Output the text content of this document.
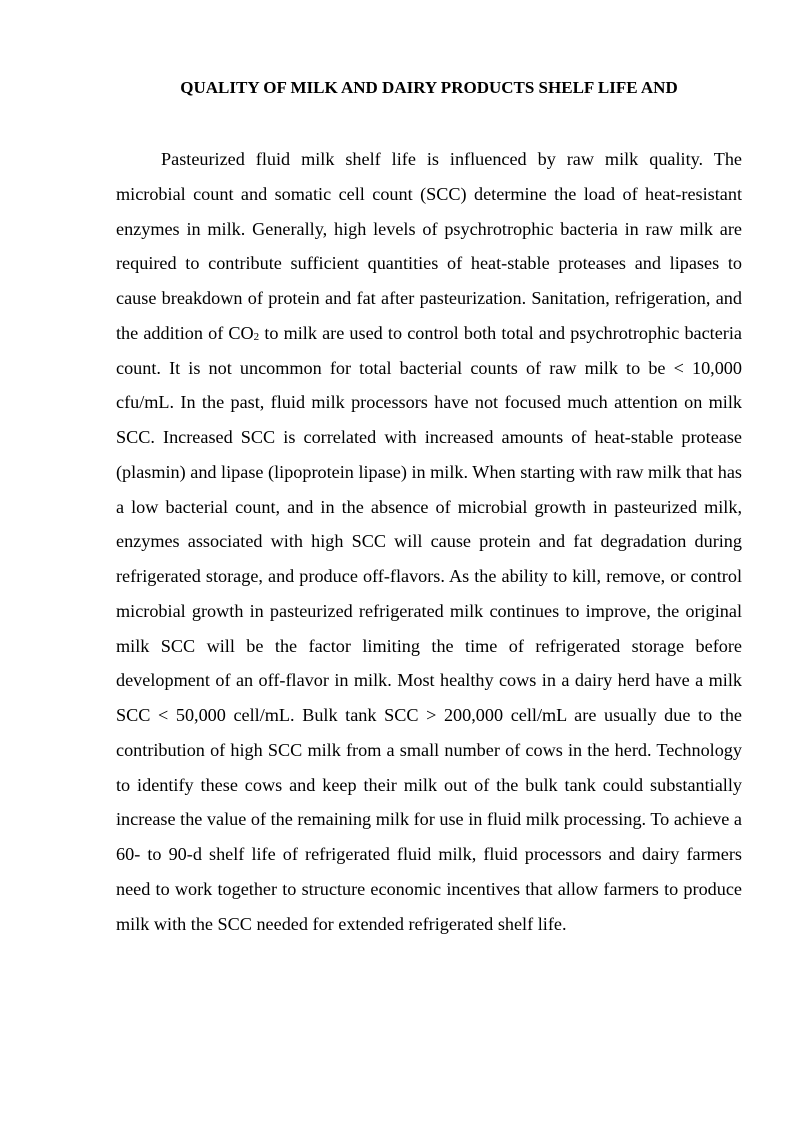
QUALITY OF MILK AND DAIRY PRODUCTS SHELF LIFE AND

Pasteurized fluid milk shelf life is influenced by raw milk quality. The microbial count and somatic cell count (SCC) determine the load of heat-resistant enzymes in milk. Generally, high levels of psychrotrophic bacteria in raw milk are required to contribute sufficient quantities of heat-stable proteases and lipases to cause breakdown of protein and fat after pasteurization. Sanitation, refrigeration, and the addition of $CO_2$ to milk are used to control both total and psychrotrophic bacteria count. It is not uncommon for total bacterial counts of raw milk to be < 10,000 cfu/mL. In the past, fluid milk processors have not focused much attention on milk SCC. Increased SCC is correlated with increased amounts of heat-stable protease (plasmin) and lipase (lipoprotein lipase) in milk. When starting with raw milk that has a low bacterial count, and in the absence of microbial growth in pasteurized milk, enzymes associated with high SCC will cause protein and fat degradation during refrigerated storage, and produce off-flavors. As the ability to kill, remove, or control microbial growth in pasteurized refrigerated milk continues to improve, the original milk SCC will be the factor limiting the time of refrigerated storage before development of an off-flavor in milk. Most healthy cows in a dairy herd have a milk SCC < 50,000 cell/mL. Bulk tank SCC > 200,000 cell/mL are usually due to the contribution of high SCC milk from a small number of cows in the herd. Technology to identify these cows and keep their milk out of the bulk tank could substantially increase the value of the remaining milk for use in fluid milk processing. To achieve a 60- to 90-d shelf life of refrigerated fluid milk, fluid processors and dairy farmers need to work together to structure economic incentives that allow farmers to produce milk with the SCC needed for extended refrigerated shelf life.
